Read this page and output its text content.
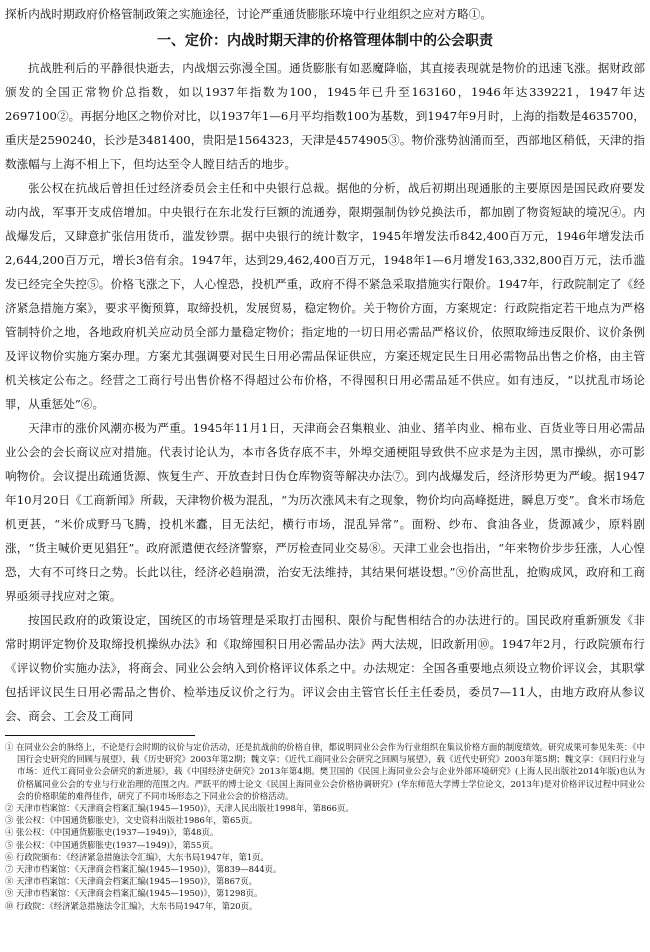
探析内战时期政府价格管制政策之实施途径，讨论严重通货膨胀环境中行业组织之应对方略①。

一、定价：内战时期天津的价格管理体制中的公会职责

抗战胜利后的平静很快逝去，内战烟云弥漫全国。通货膨胀有如恶魔降临，其直接表现就是物价的迅速飞涨。据财政部颁发的全国正常物价总指数，如以1937年指数为100，1945年已升至163160，1946年达339221，1947年达2697100②。再据分地区之物价对比，以1937年1—6月平均指数100为基数，到1947年9月时，上海的指数是4635700，重庆是2590240，长沙是3481400，贵阳是1564323，天津是4574905③。物价涨势汹涌而至，西部地区稍低，天津的指数涨幅与上海不相上下，但均达至令人瞠目结舌的地步。

张公权在抗战后曾担任过经济委员会主任和中央银行总裁。据他的分析，战后初期出现通胀的主要原因是国民政府要发动内战，军事开支成倍增加。中央银行在东北发行巨额的流通券，限期强制伪钞兑换法币，都加剧了物资短缺的境况④。内战爆发后，又肆意扩张信用货币，滥发钞票。据中央银行的统计数字，1945年增发法币842,400百万元，1946年增发法币2,644,200百万元，增长3倍有余。1947年，达到29,462,400百万元，1948年1—6月增发163,332,800百万元，法币滥发已经完全失控⑤。价格飞涨之下，人心惶恐，投机严重，政府不得不紧急采取措施实行限价。1947年，行政院制定了《经济紧急措施方案》，要求平衡预算，取缔投机，发展贸易，稳定物价。关于物价方面，方案规定：行政院指定若干地点为严格管制特价之地，各地政府机关应动员全部力量稳定物价；指定地的一切日用必需品严格议价，依照取缔违反限价、议价条例及评议物价实施方案办理。方案尤其强调要对民生日用必需品保证供应，方案还规定民生日用必需物品出售之价格，由主管机关核定公布之。经营之工商行号出售价格不得超过公布价格，不得囤积日用必需品延不供应。如有违反，“以扰乱市场论罪，从重惩处”⑥。

天津市的涨价风潮亦极为严重。1945年11月1日，天津商会召集粮业、油业、猪羊肉业、棉布业、百货业等日用必需品业公会的会长商议应对措施。代表讨论认为，本市各货存底不丰，外埠交通梗阻导致供不应求是为主因，黑市操纵，亦可影响物价。会议提出疏通货源、恢复生产、开放查封日伪仓库物资等解决办法⑦。到内战爆发后，经济形势更为严峻。据1947年10月20日《工商新闻》所载，天津物价极为混乱，“为历次涨风未有之现象，物价均向高峰挺进，瞬息万变”。食米市场危机更甚，“米价成野马飞腾，投机米蠹，目无法纪，横行市场，混乱异常”。面粉、纱布、食油各业，货源减少，原料剧涨，“货主喊价更见猖狂”。政府派遣便衣经济警察，严厉检查同业交易⑧。天津工业会也指出，“年来物价步步狂涨，人心惶恐，大有不可终日之势。长此以往，经济必趋崩溃，治安无法维持，其结果何堪设想。”⑨价高世乱，抢购成风，政府和工商界亟须寻找应对之策。

按国民政府的政策设定，国统区的市场管理是采取打击囤积、限价与配售相结合的办法进行的。国民政府重新颁发《非常时期评定物价及取缔投机操纵办法》和《取缔囤积日用必需品办法》两大法规，旧政新用⑩。1947年2月，行政院颁布行《评议物价实施办法》，将商会、同业公会纳入到价格评议体系之中。办法规定：全国各重要地点须设立物价评议会，其职掌包括评议民生日用必需品之售价、检举违反议价之行为。评议会由主管官长任主任委员，委员7—11人，由地方政府从参议会、商会、工会及工商同

① 在同业公会的脉络上，不论是行会时期的议价与定价活动，还是抗战前的价格自律，都说明同业公会作为行业组织在集议价格方面的制度绩效。研究成果可参见朱英：《中国行会史研究的回顾与展望》，载《历史研究》2003年第2期；魏文享：《近代工商同业公会研究之回顾与展望》，载《近代史研究》2003年第5期；魏文享：《回归行业与市场：近代工商同业公会研究的新进展》，载《中国经济史研究》2013年第4期。樊卫国的《民国上海同业公会与企业外部环境研究》(上海人民出版社2014年版)也认为价格属同业公会的专业与行业治理的范围之内。严跃平的博士论文《民国上海同业公会价格协调研究》(华东师范大学博士学位论文，2013年)是对价格评议过程中同业公会的价格职能的难得佳作，研究了不同市场形态之下同业公会的价格活动。

② 天津市档案馆：《天津商会档案汇编(1945—1950)》，天津人民出版社1998年，第866页。

③ 张公权：《中国通货膨胀史》，文史资料出版社1986年，第65页。

④ 张公权：《中国通货膨胀史(1937—1949)》，第48页。

⑤ 张公权：《中国通货膨胀史(1937—1949)》，第55页。

⑥ 行政院颁布：《经济紧急措施法令汇编》，大东书局1947年，第1页。

⑦ 天津市档案馆：《天津商会档案汇编(1945—1950)》，第839—844页。

⑧ 天津市档案馆：《天津商会档案汇编(1945—1950)》，第867页。

⑨ 天津市档案馆：《天津商会档案汇编(1945—1950)》，第1298页。

⑩ 行政院：《经济紧急措施法令汇编》，大东书局1947年，第20页。
